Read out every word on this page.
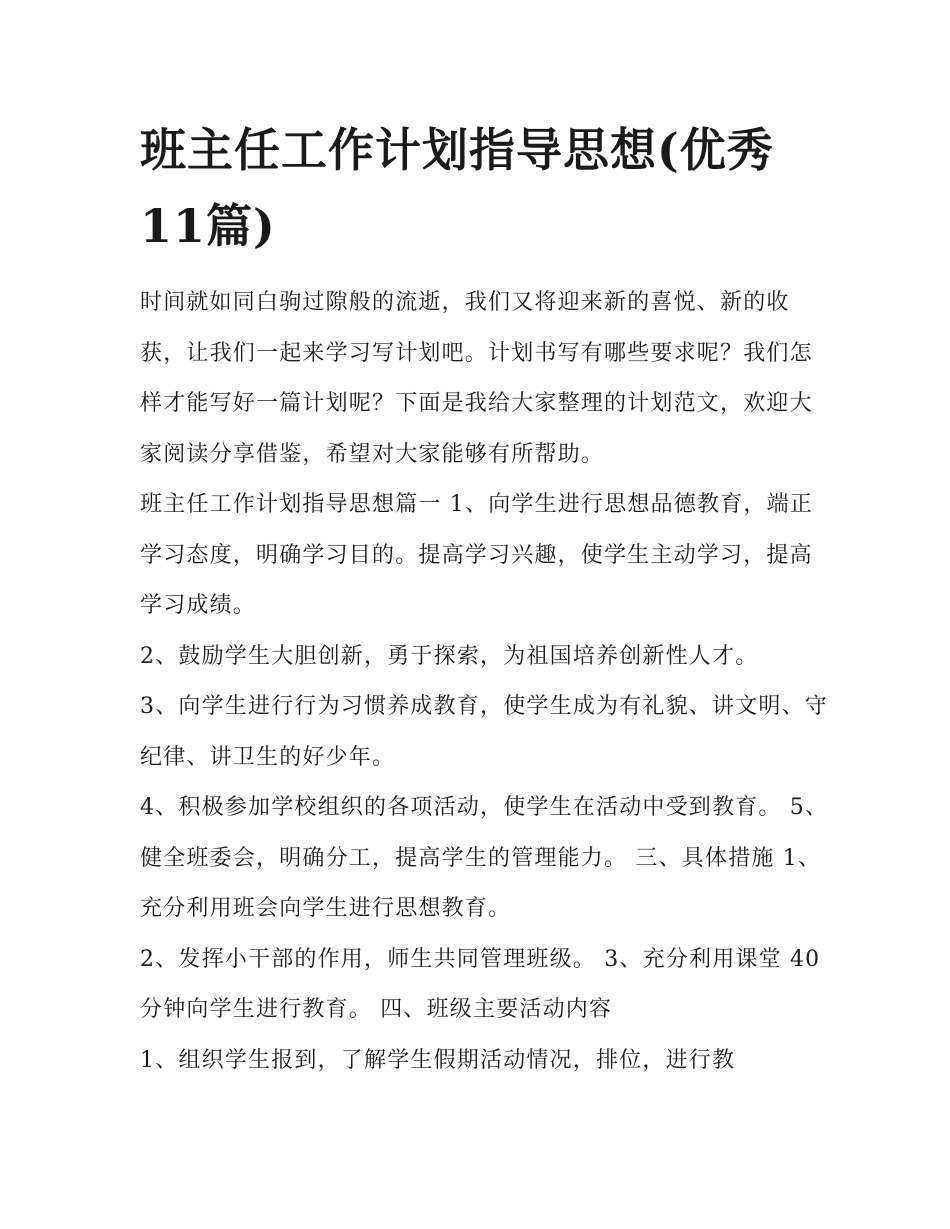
班主任工作计划指导思想(优秀11篇)

时间就如同白驹过隙般的流逝，我们又将迎来新的喜悦、新的收获，让我们一起来学习写计划吧。计划书写有哪些要求呢？我们怎样才能写好一篇计划呢？下面是我给大家整理的计划范文，欢迎大家阅读分享借鉴，希望对大家能够有所帮助。

班主任工作计划指导思想篇一 1、向学生进行思想品德教育，端正学习态度，明确学习目的。提高学习兴趣，使学生主动学习，提高学习成绩。

2、鼓励学生大胆创新，勇于探索，为祖国培养创新性人才。

3、向学生进行行为习惯养成教育，使学生成为有礼貌、讲文明、守纪律、讲卫生的好少年。

4、积极参加学校组织的各项活动，使学生在活动中受到教育。 5、健全班委会，明确分工，提高学生的管理能力。 三、具体措施 1、充分利用班会向学生进行思想教育。

2、发挥小干部的作用，师生共同管理班级。 3、充分利用课堂 40 分钟向学生进行教育。 四、班级主要活动内容

1、组织学生报到，了解学生假期活动情况，排位，进行教
